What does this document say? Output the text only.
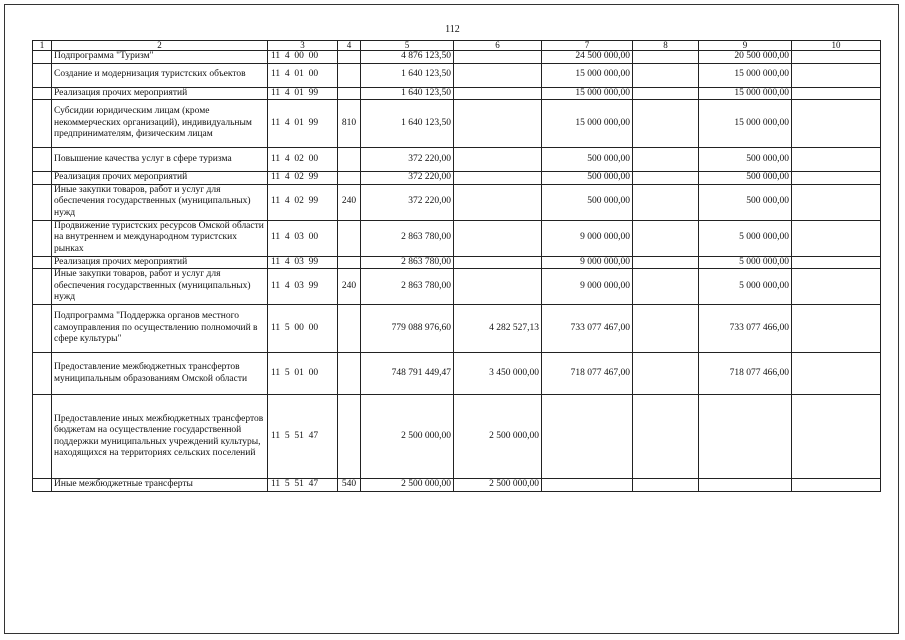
112
1	2	3	4	5	6	7	8	9	10
	Подпрограмма "Туризм"	11  4  00  00		4 876 123,50		24 500 000,00		20 500 000,00	
	Создание и модернизация туристских объектов	11  4  01  00		1 640 123,50		15 000 000,00		15 000 000,00	
	Реализация прочих мероприятий	11  4  01  99		1 640 123,50		15 000 000,00		15 000 000,00	
	Субсидии юридическим лицам (кроме некоммерческих организаций), индивидуальным предпринимателям, физическим лицам	11  4  01  99	810	1 640 123,50		15 000 000,00		15 000 000,00	
	Повышение качества услуг в сфере туризма	11  4  02  00		372 220,00		500 000,00		500 000,00	
	Реализация прочих мероприятий	11  4  02  99		372 220,00		500 000,00		500 000,00	
	Иные закупки товаров, работ и услуг для обеспечения государственных (муниципальных) нужд	11  4  02  99	240	372 220,00		500 000,00		500 000,00	
	Продвижение туристских ресурсов Омской области на внутреннем и международном туристских рынках	11  4  03  00		2 863 780,00		9 000 000,00		5 000 000,00	
	Реализация прочих мероприятий	11  4  03  99		2 863 780,00		9 000 000,00		5 000 000,00	
	Иные закупки товаров, работ и услуг для обеспечения государственных (муниципальных) нужд	11  4  03  99	240	2 863 780,00		9 000 000,00		5 000 000,00	
	Подпрограмма "Поддержка органов местного самоуправления по осуществлению полномочий в сфере культуры"	11  5  00  00		779 088 976,60	4 282 527,13	733 077 467,00		733 077 466,00	
	Предоставление межбюджетных трансфертов муниципальным образованиям Омской области	11  5  01  00		748 791 449,47	3 450 000,00	718 077 467,00		718 077 466,00	
	Предоставление иных межбюджетных трансфертов бюджетам на осуществление государственной поддержки муниципальных учреждений культуры, находящихся на территориях сельских поселений	11  5  51  47		2 500 000,00	2 500 000,00				
	Иные межбюджетные трансферты	11  5  51  47	540	2 500 000,00	2 500 000,00				
